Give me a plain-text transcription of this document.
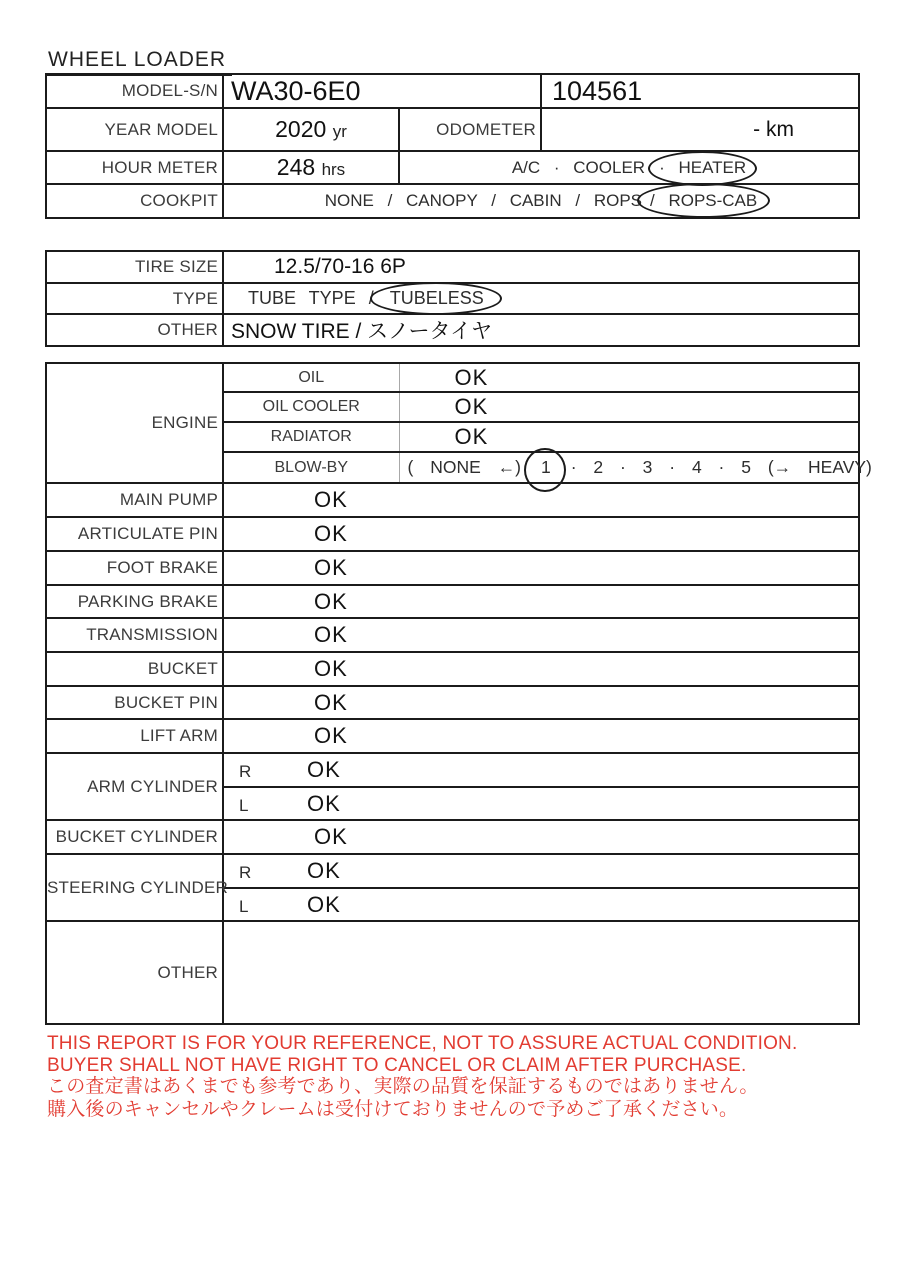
WHEEL LOADER
MODEL-S/N	WA30-6E0		104561
YEAR MODEL	2020 yr	ODOMETER	- km
HOUR METER	248 hrs	A/C · COOLER · HEATER	
COOKPIT	NONE / CANOPY / CABIN / ROPS / ROPS-CAB		
TIRE SIZE	12.5/70-16 6P
TYPE	TUBE TYPE / TUBELESS
OTHER	SNOW TIRE / スノータイヤ
ENGINE	OIL	OK
	OIL COOLER	OK
	RADIATOR	OK
	BLOW-BY	( NONE ←) 1 · 2 · 3 · 4 · 5 (→ HEAVY)
MAIN PUMP	OK	
ARTICULATE PIN	OK	
FOOT BRAKE	OK	
PARKING BRAKE	OK	
TRANSMISSION	OK	
BUCKET	OK	
BUCKET PIN	OK	
LIFT ARM	OK	
ARM CYLINDER	R OK	
	L OK	
BUCKET CYLINDER	OK	
STEERING CYLINDER	R OK	
	L OK	
OTHER		
THIS REPORT IS FOR YOUR REFERENCE, NOT TO ASSURE ACTUAL CONDITION.
BUYER SHALL NOT HAVE RIGHT TO CANCEL OR CLAIM AFTER PURCHASE.
この査定書はあくまでも参考であり、実際の品質を保証するものではありません。
購入後のキャンセルやクレームは受付けておりませんので予めご了承ください。
